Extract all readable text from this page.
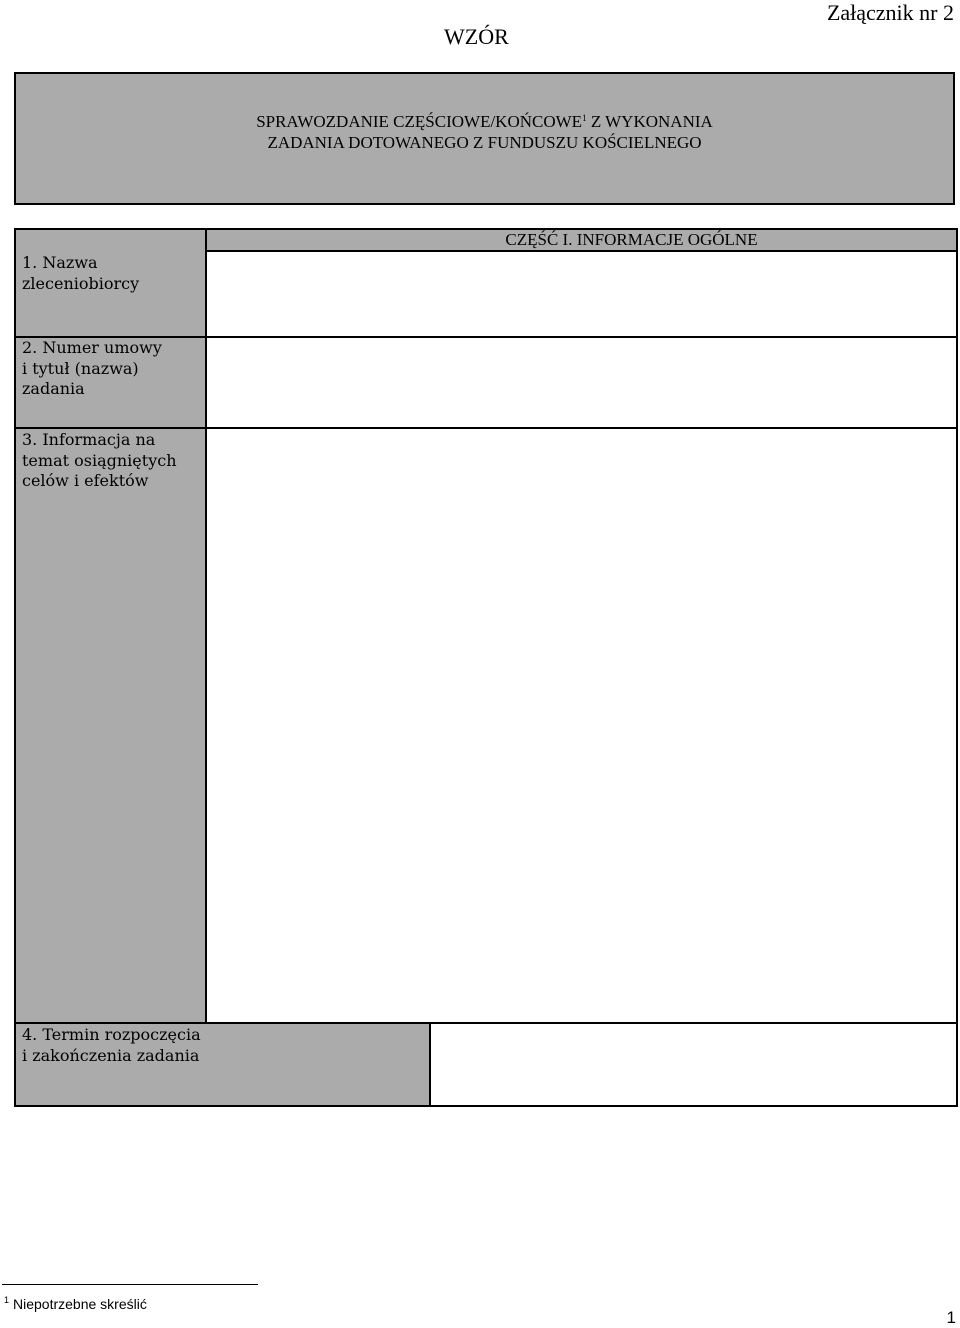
Załącznik nr 2
WZÓR
SPRAWOZDANIE CZĘŚCIOWE/KOŃCOWE$^1$ Z WYKONANIA
ZADANIA DOTOWANEGO Z FUNDUSZU KOŚCIELNEGO
1. Nazwa
zleceniobiorcy
2. Numer umowy
i tytuł (nazwa)
zadania
3. Informacja na
temat osiągniętych
celów i efektów
CZĘŚĆ I. INFORMACJE OGÓLNE
4. Termin rozpoczęcia
i zakończenia zadania
$^1$ Niepotrzebne skreślić
1
